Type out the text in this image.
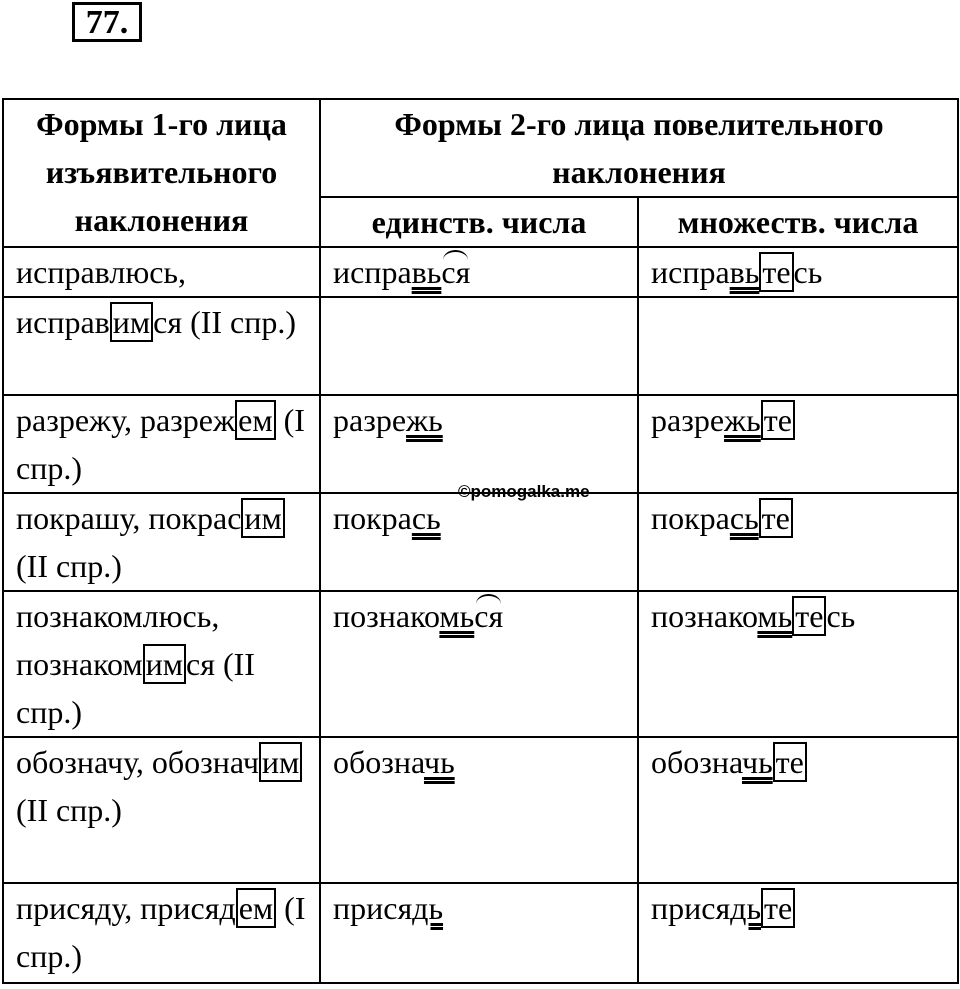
77.
Формы 1-го лица изъявительного наклонения	Формы 2-го лица повелительного наклонения	
	единств. числа	множеств. числа
исправлюсь,	исправься	исправьтесь
исправимся (II спр.)		
разрежу, разрежем (I спр.)	разрежь	разрежьте
покрашу, покрасим (II спр.)	покрась	покрасьте
познакомлюсь, познакомимся (II спр.)	познакомься	познакомьтесь
обозначу, обозначим (II спр.)	обозначь	обозначьте
присяду, присядем (I спр.)	присядь	присядьте
©pomogalka.me
